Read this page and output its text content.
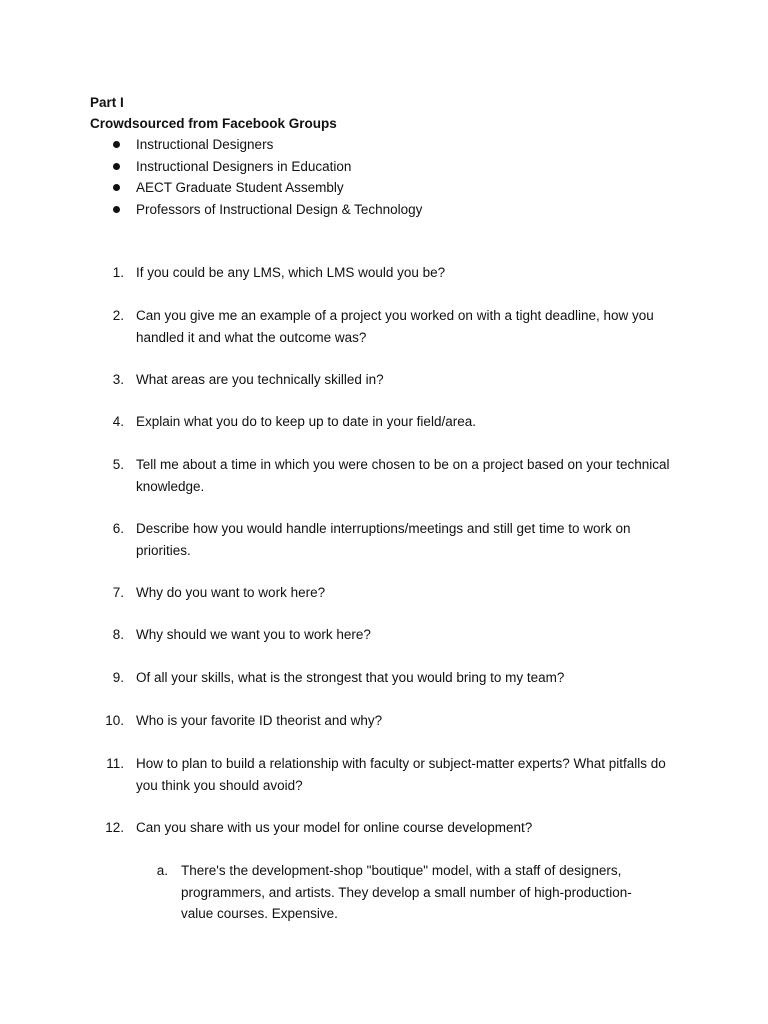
Part I
Crowdsourced from Facebook Groups
Instructional Designers
Instructional Designers in Education
AECT Graduate Student Assembly
Professors of Instructional Design & Technology
1. If you could be any LMS, which LMS would you be?
2. Can you give me an example of a project you worked on with a tight deadline, how you handled it and what the outcome was?
3. What areas are you technically skilled in?
4. Explain what you do to keep up to date in your field/area.
5. Tell me about a time in which you were chosen to be on a project based on your technical knowledge.
6. Describe how you would handle interruptions/meetings and still get time to work on priorities.
7. Why do you want to work here?
8. Why should we want you to work here?
9. Of all your skills, what is the strongest that you would bring to my team?
10. Who is your favorite ID theorist and why?
11. How to plan to build a relationship with faculty or subject-matter experts? What pitfalls do you think you should avoid?
12. Can you share with us your model for online course development?
a. There's the development-shop "boutique" model, with a staff of designers, programmers, and artists. They develop a small number of high-production-value courses. Expensive.
